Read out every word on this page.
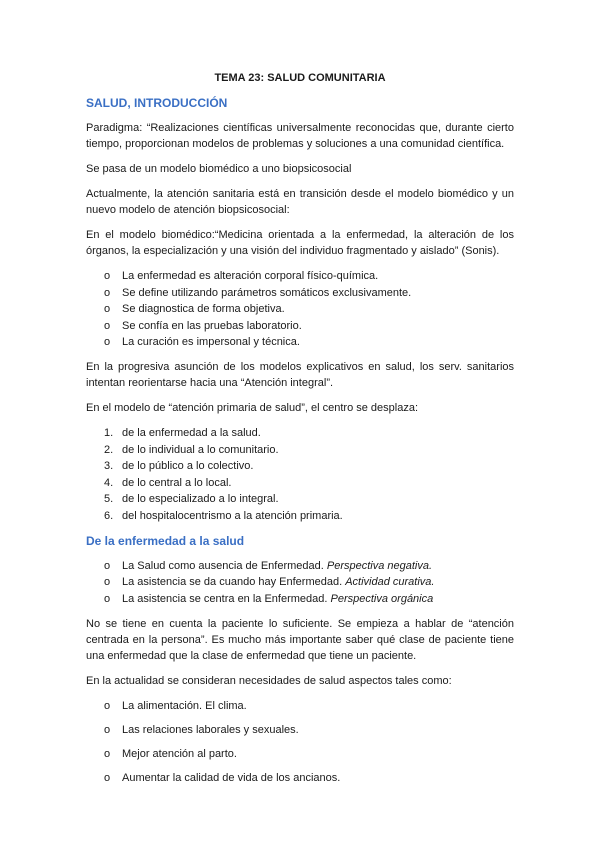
TEMA 23: SALUD COMUNITARIA
SALUD, INTRODUCCIÓN

Paradigma: “Realizaciones científicas universalmente reconocidas que, durante cierto tiempo, proporcionan modelos de problemas y soluciones a una comunidad científica.

Se pasa de un modelo biomédico a uno biopsicosocial

Actualmente, la atención sanitaria está en transición desde el modelo biomédico y un nuevo modelo de atención biopsicosocial:

En el modelo biomédico:“Medicina orientada a la enfermedad, la alteración de los órganos, la especialización y una visión del individuo fragmentado y aislado” (Sonis).

o	La enfermedad es alteración corporal físico-química.
o	Se define utilizando parámetros somáticos exclusivamente.
o	Se diagnostica de forma objetiva.
o	Se confía en las pruebas laboratorio.
o	La curación es impersonal y técnica.

En la progresiva asunción de los modelos explicativos en salud, los serv. sanitarios intentan reorientarse hacia una “Atención integral”.

En el modelo de “atención primaria de salud”, el centro se desplaza:

1. de la enfermedad a la salud.
2. de lo individual a lo comunitario.
3. de lo público a lo colectivo.
4. de lo central a lo local.
5. de lo especializado a lo integral.
6. del hospitalocentrismo a la atención primaria.
De la enfermedad a la salud
o	La Salud como ausencia de Enfermedad. Perspectiva negativa.
o	La asistencia se da cuando hay Enfermedad. Actividad curativa.
o	La asistencia se centra en la Enfermedad. Perspectiva orgánica

No se tiene en cuenta la paciente lo suficiente. Se empieza a hablar de “atención centrada en la persona”. Es mucho más importante saber qué clase de paciente tiene una enfermedad que la clase de enfermedad que tiene un paciente.

En la actualidad se consideran necesidades de salud aspectos tales como:

o	La alimentación. El clima.
o	Las relaciones laborales y sexuales.
o	Mejor atención al parto.
o	Aumentar la calidad de vida de los ancianos.
